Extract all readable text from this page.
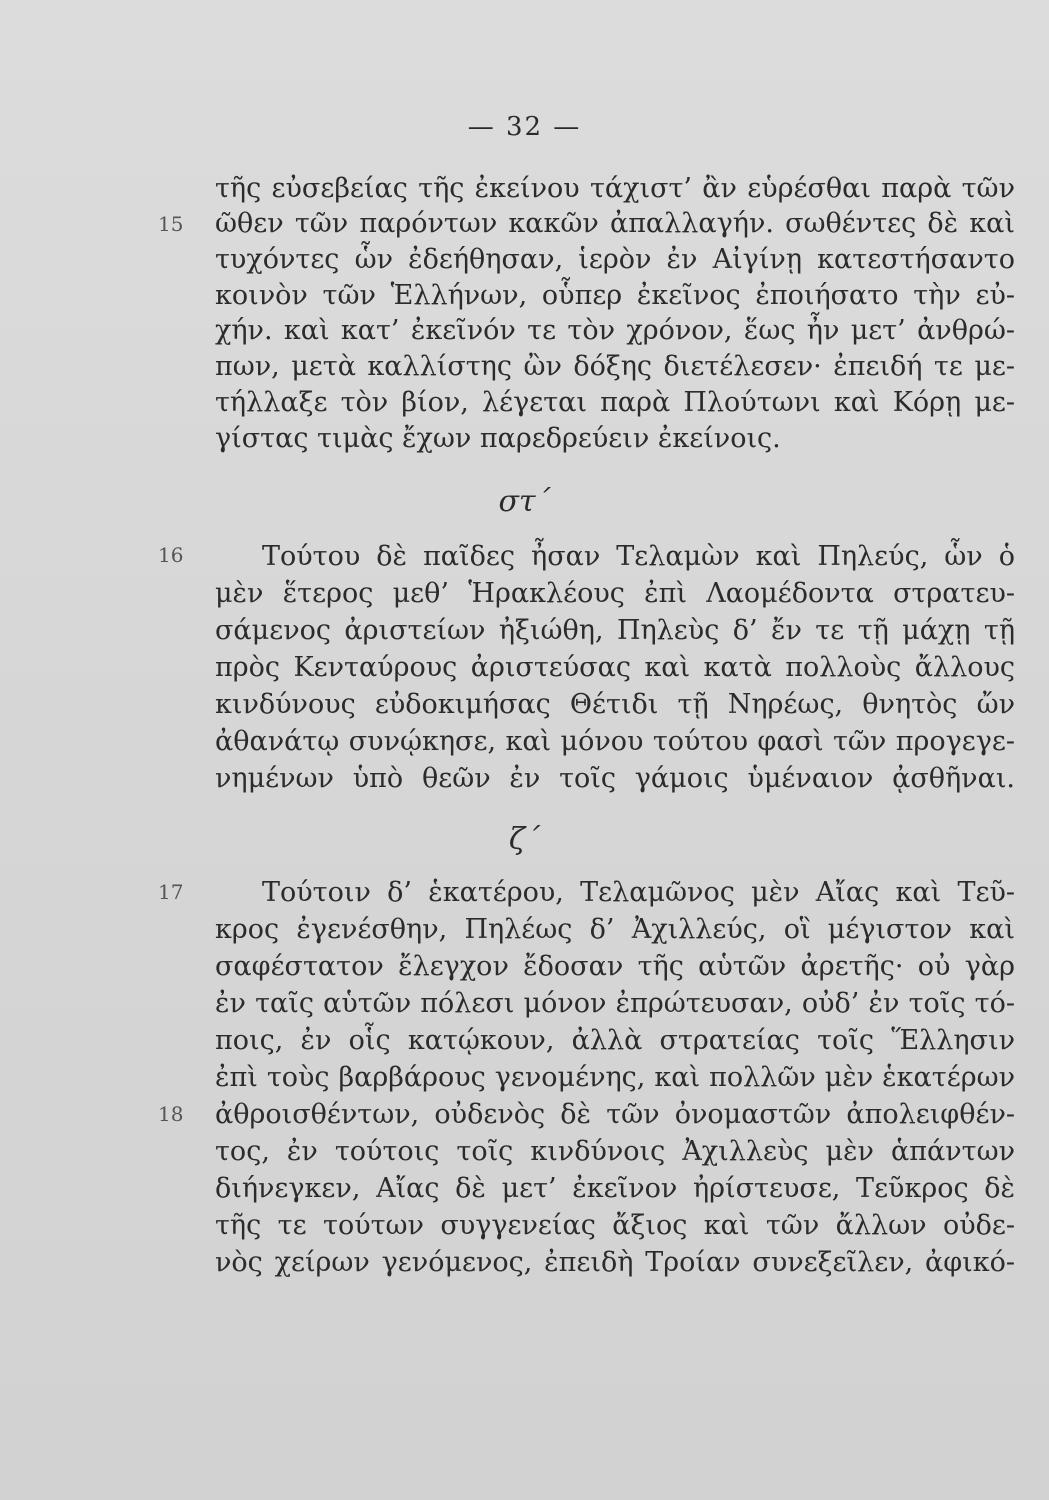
— 32 —
τῆς εὐσεβείας τῆς ἐκείνου τάχιστ’ ἂν εὑρέσθαι παρὰ τῶν
15 ῶθεν τῶν παρόντων κακῶν ἀπαλλαγήν. σωθέντες δὲ καὶ
τυχόντες ὧν ἐδεήθησαν, ἱερὸν ἐν Αἰγίνῃ κατεστήσαντο
κοινὸν τῶν Ἑλλήνων, οὗπερ ἐκεῖνος ἐποιήσατο τὴν εὐ-
χήν. καὶ κατ’ ἐκεῖνόν τε τὸν χρόνον, ἕως ἦν μετ’ ἀνθρώ-
πων, μετὰ καλλίστης ὢν δόξης διετέλεσεν· ἐπειδή τε με-
τήλλαξε τὸν βίον, λέγεται παρὰ Πλούτωνι καὶ Κόρῃ με-
γίστας τιμὰς ἔχων παρεδρεύειν ἐκείνοις.
στ΄
16	Τούτου δὲ παῖδες ἦσαν Τελαμὼν καὶ Πηλεύς, ὧν ὁ
μὲν ἕτερος μεθ’ Ἡρακλέους ἐπὶ Λαομέδοντα στρατευ-
σάμενος ἀριστείων ἠξιώθη, Πηλεὺς δ’ ἔν τε τῇ μάχῃ τῇ
πρὸς Κενταύρους ἀριστεύσας καὶ κατὰ πολλοὺς ἄλλους
κινδύνους εὐδοκιμήσας Θέτιδι τῇ Νηρέως, θνητὸς ὤν
ἀθανάτῳ συνῴκησε, καὶ μόνου τούτου φασὶ τῶν προγεγε-
νημένων ὑπὸ θεῶν ἐν τοῖς γάμοις ὑμέναιον ᾀσθῆναι.
ζ΄
17	Τούτοιν δ’ ἑκατέρου, Τελαμῶνος μὲν Αἴας καὶ Τεῦ-
κρος ἐγενέσθην, Πηλέως δ’ Ἀχιλλεύς, οἳ μέγιστον καὶ
σαφέστατον ἔλεγχον ἔδοσαν τῆς αὑτῶν ἀρετῆς· οὐ γὰρ
ἐν ταῖς αὑτῶν πόλεσι μόνον ἐπρώτευσαν, οὐδ’ ἐν τοῖς τό-
ποις, ἐν οἷς κατῴκουν, ἀλλὰ στρατείας τοῖς Ἕλλησιν
ἐπὶ τοὺς βαρβάρους γενομένης, καὶ πολλῶν μὲν ἑκατέρων
18 ἀθροισθέντων, οὐδενὸς δὲ τῶν ὀνομαστῶν ἀπολειφθέν-
τος, ἐν τούτοις τοῖς κινδύνοις Ἀχιλλεὺς μὲν ἁπάντων
διήνεγκεν, Αἴας δὲ μετ’ ἐκεῖνον ἠρίστευσε, Τεῦκρος δὲ
τῆς τε τούτων συγγενείας ἄξιος καὶ τῶν ἄλλων οὐδε-
νὸς χείρων γενόμενος, ἐπειδὴ Τροίαν συνεξεῖλεν, ἀφικό-
